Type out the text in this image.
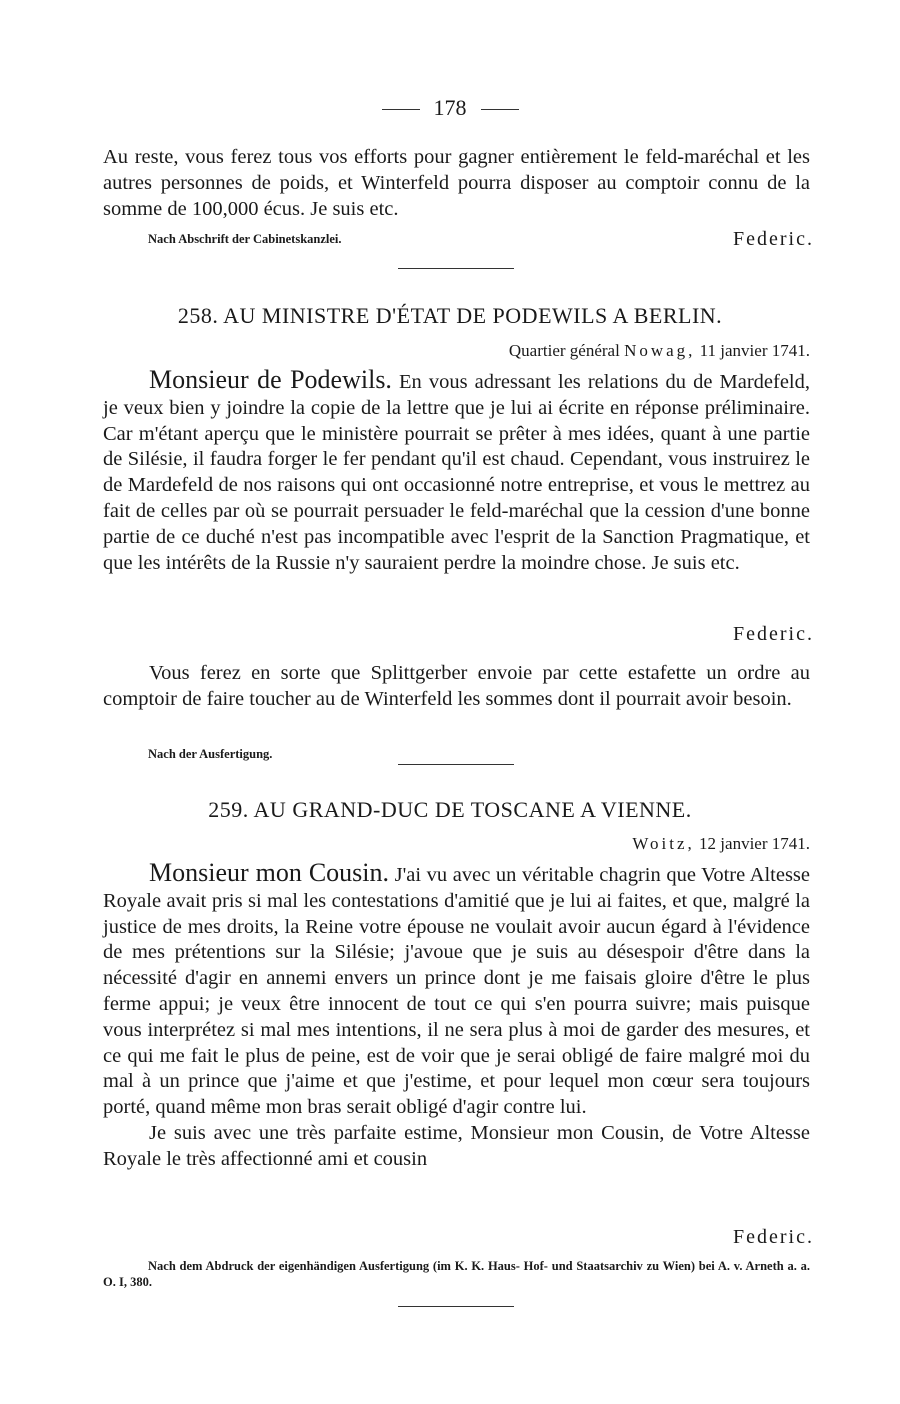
178

Au reste, vous ferez tous vos efforts pour gagner entièrement le feld-maréchal et les autres personnes de poids, et Winterfeld pourra disposer au comptoir connu de la somme de 100,000 écus. Je suis etc.

Nach Abschrift der Cabinetskanzlei.	Federic.
258. AU MINISTRE D'ÉTAT DE PODEWILS A BERLIN.
Quartier général Nowag, 11 janvier 1741.

Monsieur de Podewils. En vous adressant les relations du de Mardefeld, je veux bien y joindre la copie de la lettre que je lui ai écrite en réponse préliminaire. Car m'étant aperçu que le ministère pourrait se prêter à mes idées, quant à une partie de Silésie, il faudra forger le fer pendant qu'il est chaud. Cependant, vous instruirez le de Mardefeld de nos raisons qui ont occasionné notre entreprise, et vous le mettrez au fait de celles par où se pourrait persuader le feld-maréchal que la cession d'une bonne partie de ce duché n'est pas incompatible avec l'esprit de la Sanction Pragmatique, et que les intérêts de la Russie n'y sauraient perdre la moindre chose. Je suis etc.

Federic.

Vous ferez en sorte que Splittgerber envoie par cette estafette un ordre au comptoir de faire toucher au de Winterfeld les sommes dont il pourrait avoir besoin.

Nach der Ausfertigung.
259. AU GRAND-DUC DE TOSCANE A VIENNE.
Woitz, 12 janvier 1741.

Monsieur mon Cousin. J'ai vu avec un véritable chagrin que Votre Altesse Royale avait pris si mal les contestations d'amitié que je lui ai faites, et que, malgré la justice de mes droits, la Reine votre épouse ne voulait avoir aucun égard à l'évidence de mes prétentions sur la Silésie; j'avoue que je suis au désespoir d'être dans la nécessité d'agir en annemi envers un prince dont je me faisais gloire d'être le plus ferme appui; je veux être innocent de tout ce qui s'en pourra suivre; mais puisque vous interprétez si mal mes intentions, il ne sera plus à moi de garder des mesures, et ce qui me fait le plus de peine, est de voir que je serai obligé de faire malgré moi du mal à un prince que j'aime et que j'estime, et pour lequel mon cœur sera toujours porté, quand même mon bras serait obligé d'agir contre lui.

Je suis avec une très parfaite estime, Monsieur mon Cousin, de Votre Altesse Royale le très affectionné ami et cousin

Federic.
Nach dem Abdruck der eigenhändigen Ausfertigung (im K. K. Haus- Hof- und Staatsarchiv zu Wien) bei A. v. Arneth a. a. O. I, 380.
